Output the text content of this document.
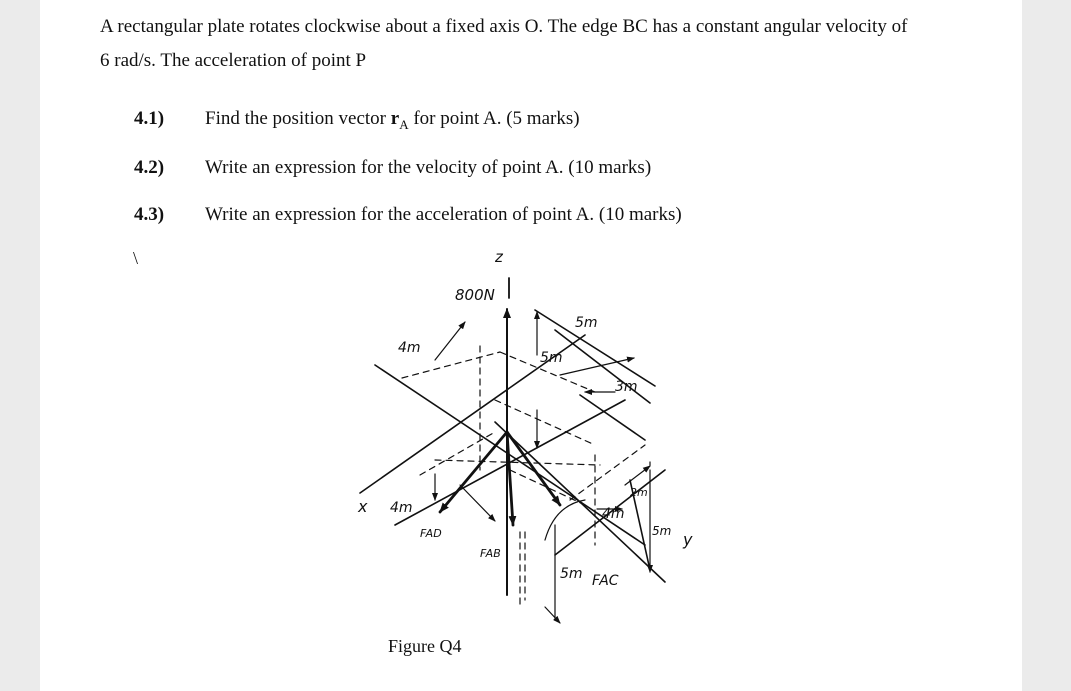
A rectangular plate rotates clockwise about a fixed axis O. The edge BC has a constant angular velocity of
6 rad/s. The acceleration of point P
4.1) Find the position vector $r_A$ for point A. (5 marks)
4.2) Write an expression for the velocity of point A. (10 marks)
4.3) Write an expression for the acceleration of point A. (10 marks)
\	z
x
y
800N
4m
5m
5m
3m
2m
4m
5m
4m
5m
FAD
FAB
FAC
Figure Q4
